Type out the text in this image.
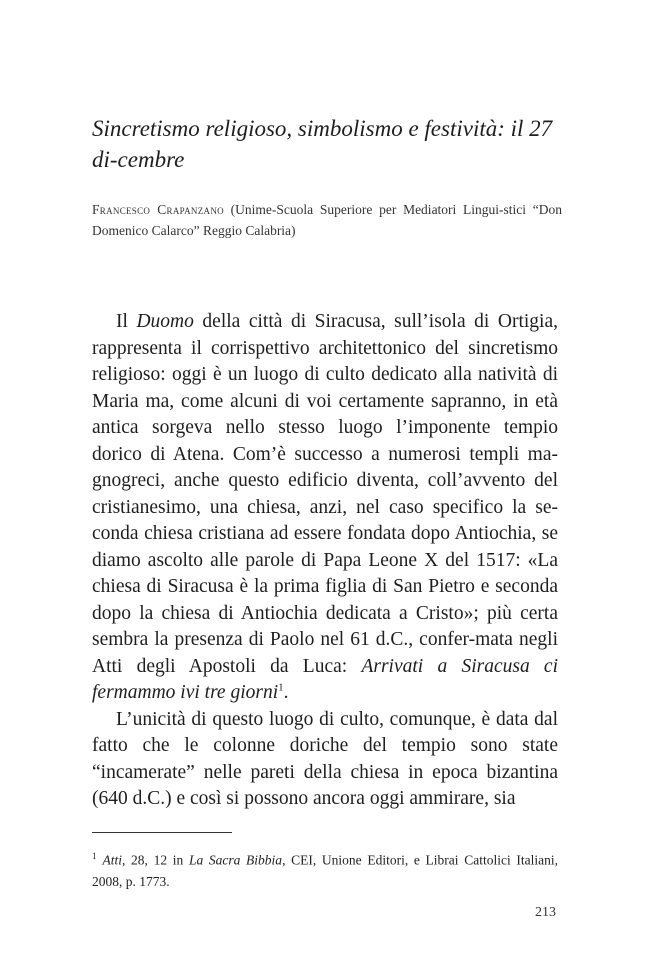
Sincretismo religioso, simbolismo e festività: il 27 di-cembre
Francesco Crapanzano (Unime-Scuola Superiore per Mediatori Lingui-stici “Don Domenico Calarco” Reggio Calabria)

Il Duomo della città di Siracusa, sull’isola di Ortigia, rappresenta il corrispettivo architettonico del sincretismo religioso: oggi è un luogo di culto dedicato alla natività di Maria ma, come alcuni di voi certamente sapranno, in età antica sorgeva nello stesso luogo l’imponente tempio dorico di Atena. Com’è successo a numerosi templi ma-gnogreci, anche questo edificio diventa, coll’avvento del cristianesimo, una chiesa, anzi, nel caso specifico la se-conda chiesa cristiana ad essere fondata dopo Antiochia, se diamo ascolto alle parole di Papa Leone X del 1517: «La chiesa di Siracusa è la prima figlia di San Pietro e seconda dopo la chiesa di Antiochia dedicata a Cristo»; più certa sembra la presenza di Paolo nel 61 d.C., confer-mata negli Atti degli Apostoli da Luca: Arrivati a Siracusa ci fermammo ivi tre giorni$^1$.

L’unicità di questo luogo di culto, comunque, è data dal fatto che le colonne doriche del tempio sono state “incamerate” nelle pareti della chiesa in epoca bizantina (640 d.C.) e così si possono ancora oggi ammirare, sia

$^1$ Atti, 28, 12 in La Sacra Bibbia, CEI, Unione Editori, e Librai Cattolici Italiani, 2008, p. 1773.
213
